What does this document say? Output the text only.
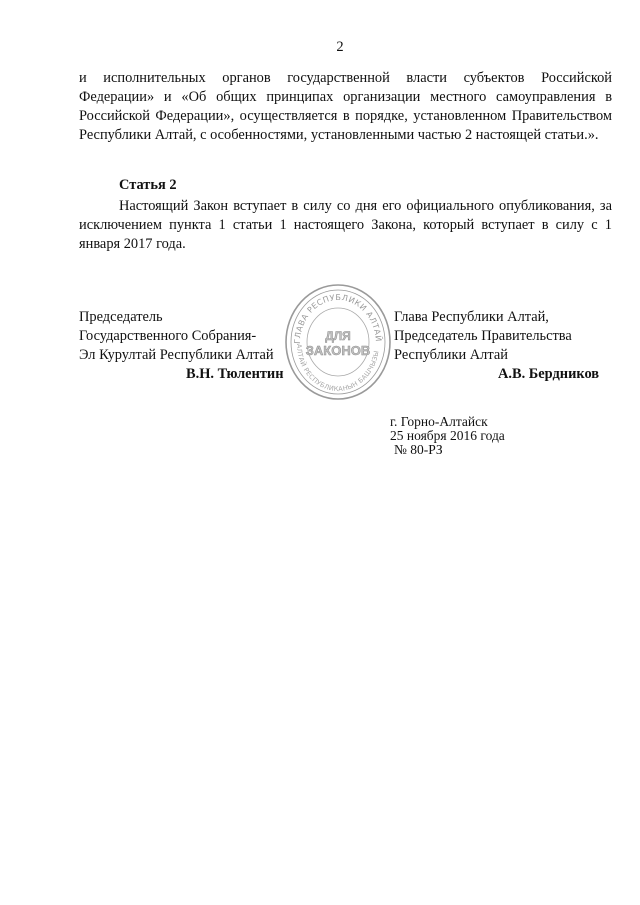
2
и исполнительных органов государственной власти субъектов Российской Федерации» и «Об общих принципах организации местного самоуправления в Российской Федерации», осуществляется в порядке, установленном Правительством Республики Алтай, с особенностями, установленными частью 2 настоящей статьи.».
Статья 2
Настоящий Закон вступает в силу со дня его официального опубликования, за исключением пункта 1 статьи 1 настоящего Закона, который вступает в силу с 1 января 2017 года.
Председатель
Государственного Собрания-
Эл Курултай Республики Алтай
В.Н. Тюлентин
Глава Республики Алтай,
Председатель Правительства
Республики Алтай
А.В. Бердников
ГЛАВА РЕСПУБЛИКИ АЛТАЙ
АЛТАЙ РЕСПУБЛИКАНЫН БАШЧЫЗЫ
ДЛЯ
ЗАКОНОВ
г. Горно-Алтайск
25 ноября 2016 года
№ 80-РЗ
